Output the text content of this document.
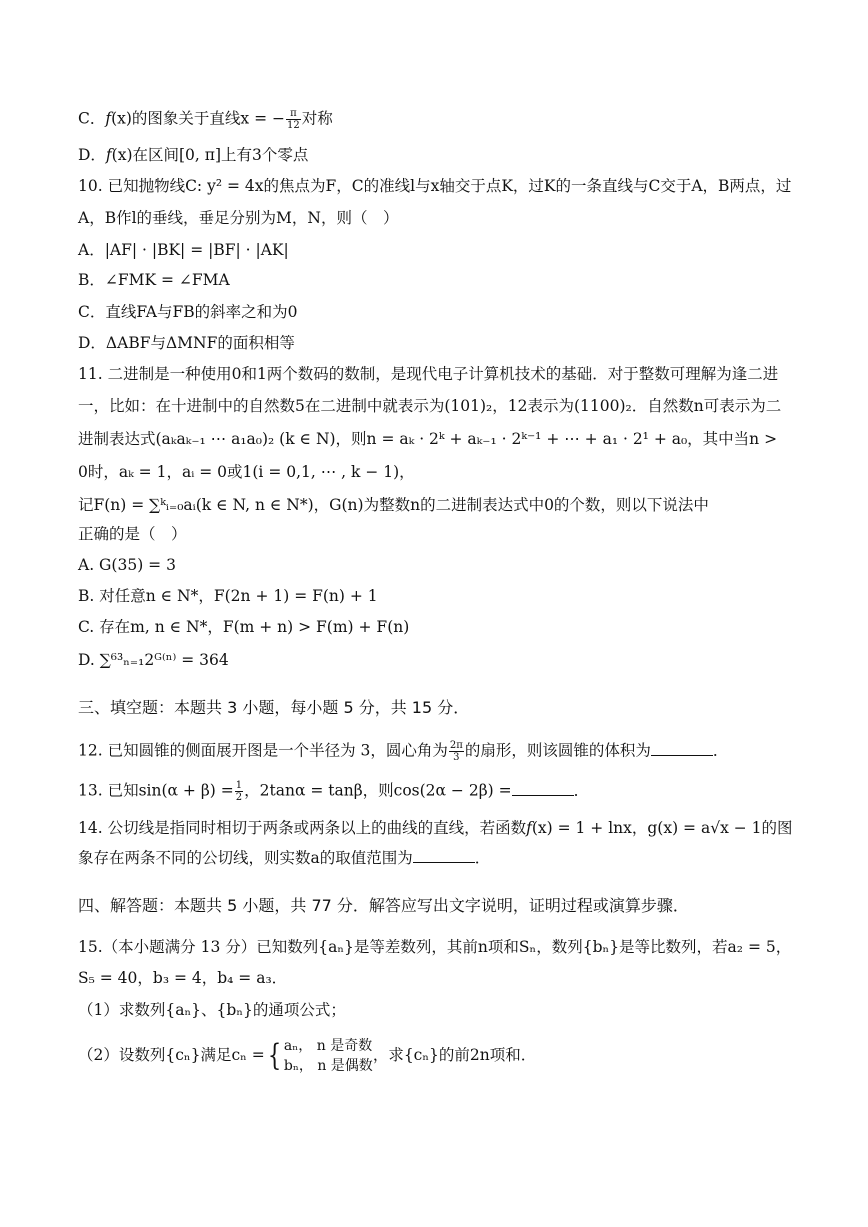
C．𝑓(x)的图象关于直线x = − $\frac{\pi}{12}$ 对称
D．𝑓(x)在区间[0, π]上有3个零点
10. 已知抛物线C: y² = 4x的焦点为F，C的准线l与x轴交于点K，过K的一条直线与C交于A，B两点，过
A，B作l的垂线，垂足分别为M，N，则（　）
A．|AF| · |BK| = |BF| · |AK|
B．∠FMK = ∠FMA
C．直线FA与FB的斜率之和为0
D．ΔABF与ΔMNF的面积相等
11. 二进制是一种使用0和1两个数码的数制，是现代电子计算机技术的基础．对于整数可理解为逢二进
一，比如：在十进制中的自然数5在二进制中就表示为(101)₂，12表示为(1100)₂．自然数n可表示为二
进制表达式(aₖaₖ₋₁ ⋯ a₁a₀)₂ (k ∈ N)，则n = aₖ · 2ᵏ + aₖ₋₁ · 2ᵏ⁻¹ + ⋯ + a₁ · 2¹ + a₀，其中当n >
0时，aₖ = 1，aᵢ = 0或1(i = 0,1, ⋯ , k − 1)，
记F(n) = ∑ᵏᵢ₌₀aᵢ(k ∈ N, n ∈ N*)，G(n)为整数n的二进制表达式中0的个数，则以下说法中
正确的是（　）
A. G(35) = 3
B. 对任意n ∈ N*，F(2n + 1) = F(n) + 1
C. 存在m, n ∈ N*，F(m + n) > F(m) + F(n)
D. ∑⁶³ₙ₌₁2ᴳ⁽ⁿ⁾ = 364
三、填空题：本题共 3 小题，每小题 5 分，共 15 分．
12. 已知圆锥的侧面展开图是一个半径为 3，圆心角为 $\frac{2\pi}{3}$ 的扇形，则该圆锥的体积为	．
13. 已知$\sin(\alpha + \beta) = \frac{1}{2}$ ，2tanα = tanβ，则cos(2α − 2β) =	．
14. 公切线是指同时相切于两条或两条以上的曲线的直线，若函数𝑓(x) = 1 + lnx，g(x) = a√x − 1的图
象存在两条不同的公切线，则实数a的取值范围为	．
四、解答题：本题共 5 小题，共 77 分．解答应写出文字说明，证明过程或演算步骤．
15.（本小题满分 13 分）已知数列{aₙ}是等差数列，其前n项和Sₙ，数列{bₙ}是等比数列，若a₂ = 5，
S₅ = 40，b₃ = 4，b₄ = a₃．
（1）求数列{aₙ}、{bₙ}的通项公式；
（2）设数列{cₙ}满足cₙ ={ aₙ， n 是奇数
bₙ， n 是偶数
，求{cₙ}的前2n项和．
